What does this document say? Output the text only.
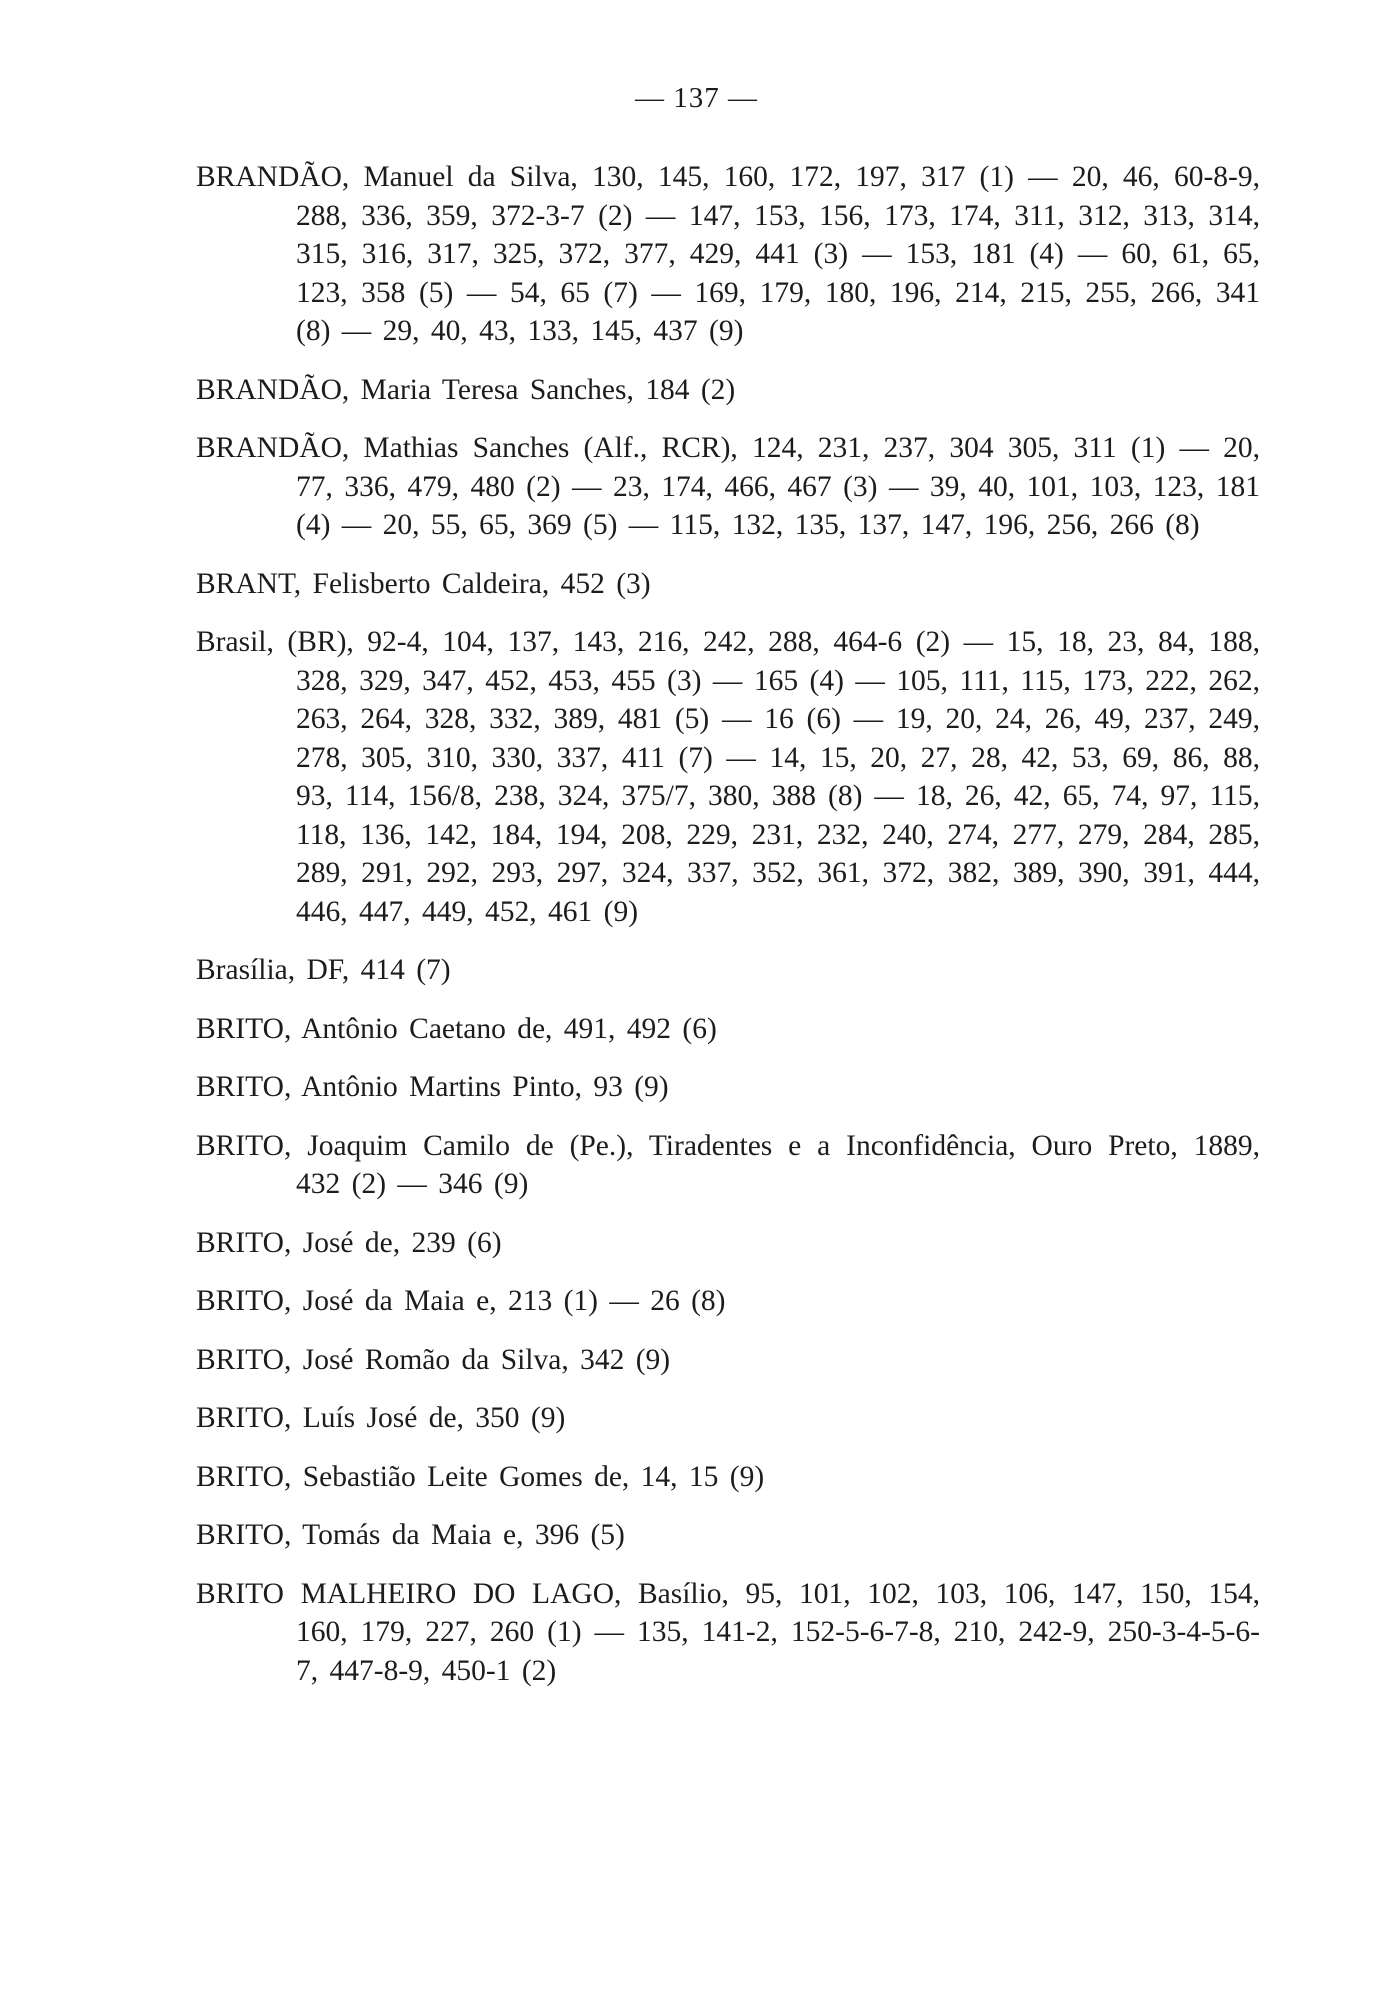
— 137 —

BRANDÃO, Manuel da Silva, 130, 145, 160, 172, 197, 317 (1) — 20, 46, 60-8-9, 288, 336, 359, 372-3-7 (2) — 147, 153, 156, 173, 174, 311, 312, 313, 314, 315, 316, 317, 325, 372, 377, 429, 441 (3) — 153, 181 (4) — 60, 61, 65, 123, 358 (5) — 54, 65 (7) — 169, 179, 180, 196, 214, 215, 255, 266, 341 (8) — 29, 40, 43, 133, 145, 437 (9)

BRANDÃO, Maria Teresa Sanches, 184 (2)

BRANDÃO, Mathias Sanches (Alf., RCR), 124, 231, 237, 304 305, 311 (1) — 20, 77, 336, 479, 480 (2) — 23, 174, 466, 467 (3) — 39, 40, 101, 103, 123, 181 (4) — 20, 55, 65, 369 (5) — 115, 132, 135, 137, 147, 196, 256, 266 (8)

BRANT, Felisberto Caldeira, 452 (3)

Brasil, (BR), 92-4, 104, 137, 143, 216, 242, 288, 464-6 (2) — 15, 18, 23, 84, 188, 328, 329, 347, 452, 453, 455 (3) — 165 (4) — 105, 111, 115, 173, 222, 262, 263, 264, 328, 332, 389, 481 (5) — 16 (6) — 19, 20, 24, 26, 49, 237, 249, 278, 305, 310, 330, 337, 411 (7) — 14, 15, 20, 27, 28, 42, 53, 69, 86, 88, 93, 114, 156/8, 238, 324, 375/7, 380, 388 (8) — 18, 26, 42, 65, 74, 97, 115, 118, 136, 142, 184, 194, 208, 229, 231, 232, 240, 274, 277, 279, 284, 285, 289, 291, 292, 293, 297, 324, 337, 352, 361, 372, 382, 389, 390, 391, 444, 446, 447, 449, 452, 461 (9)

Brasília, DF, 414 (7)

BRITO, Antônio Caetano de, 491, 492 (6)

BRITO, Antônio Martins Pinto, 93 (9)

BRITO, Joaquim Camilo de (Pe.), Tiradentes e a Inconfidência, Ouro Preto, 1889, 432 (2) — 346 (9)

BRITO, José de, 239 (6)

BRITO, José da Maia e, 213 (1) — 26 (8)

BRITO, José Romão da Silva, 342 (9)

BRITO, Luís José de, 350 (9)

BRITO, Sebastião Leite Gomes de, 14, 15 (9)

BRITO, Tomás da Maia e, 396 (5)

BRITO MALHEIRO DO LAGO, Basílio, 95, 101, 102, 103, 106, 147, 150, 154, 160, 179, 227, 260 (1) — 135, 141-2, 152-5-6-7-8, 210, 242-9, 250-3-4-5-6-7, 447-8-9, 450-1 (2)
